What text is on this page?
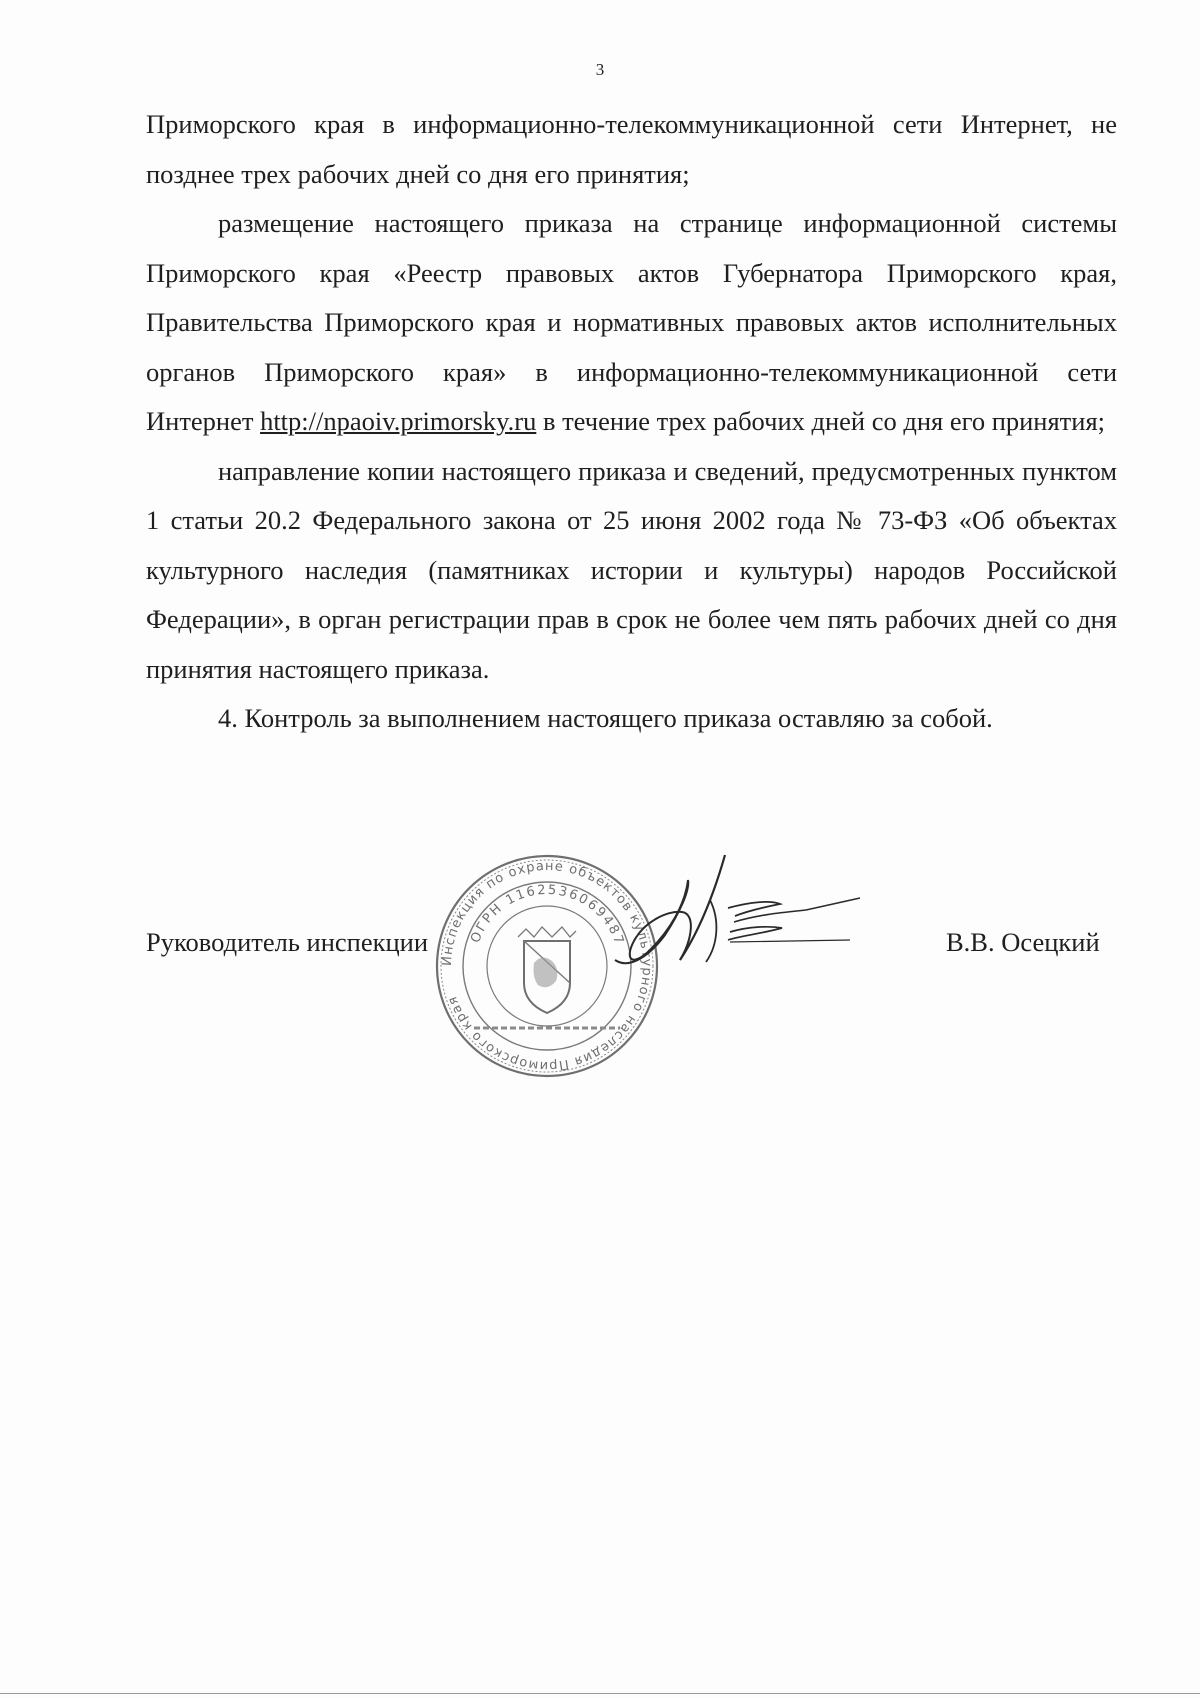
3

Приморского края в информационно-телекоммуникационной сети Интернет, не позднее трех рабочих дней со дня его принятия;

размещение настоящего приказа на странице информационной системы Приморского края «Реестр правовых актов Губернатора Приморского края, Правительства Приморского края и нормативных правовых актов исполнительных органов Приморского края» в информационно-телекоммуникационной сети Интернет http://npaoiv.primorsky.ru в течение трех рабочих дней со дня его принятия;

направление копии настоящего приказа и сведений, предусмотренных пунктом 1 статьи 20.2 Федерального закона от 25 июня 2002 года № 73-ФЗ «Об объектах культурного наследия (памятниках истории и культуры) народов Российской Федерации», в орган регистрации прав в срок не более чем пять рабочих дней со дня принятия настоящего приказа.

4. Контроль за выполнением настоящего приказа оставляю за собой.

Инспекция по охране объектов культурного наследия Приморского края
ОГРН 1162536069487
Руководитель инспекции	В.В. Осецкий
